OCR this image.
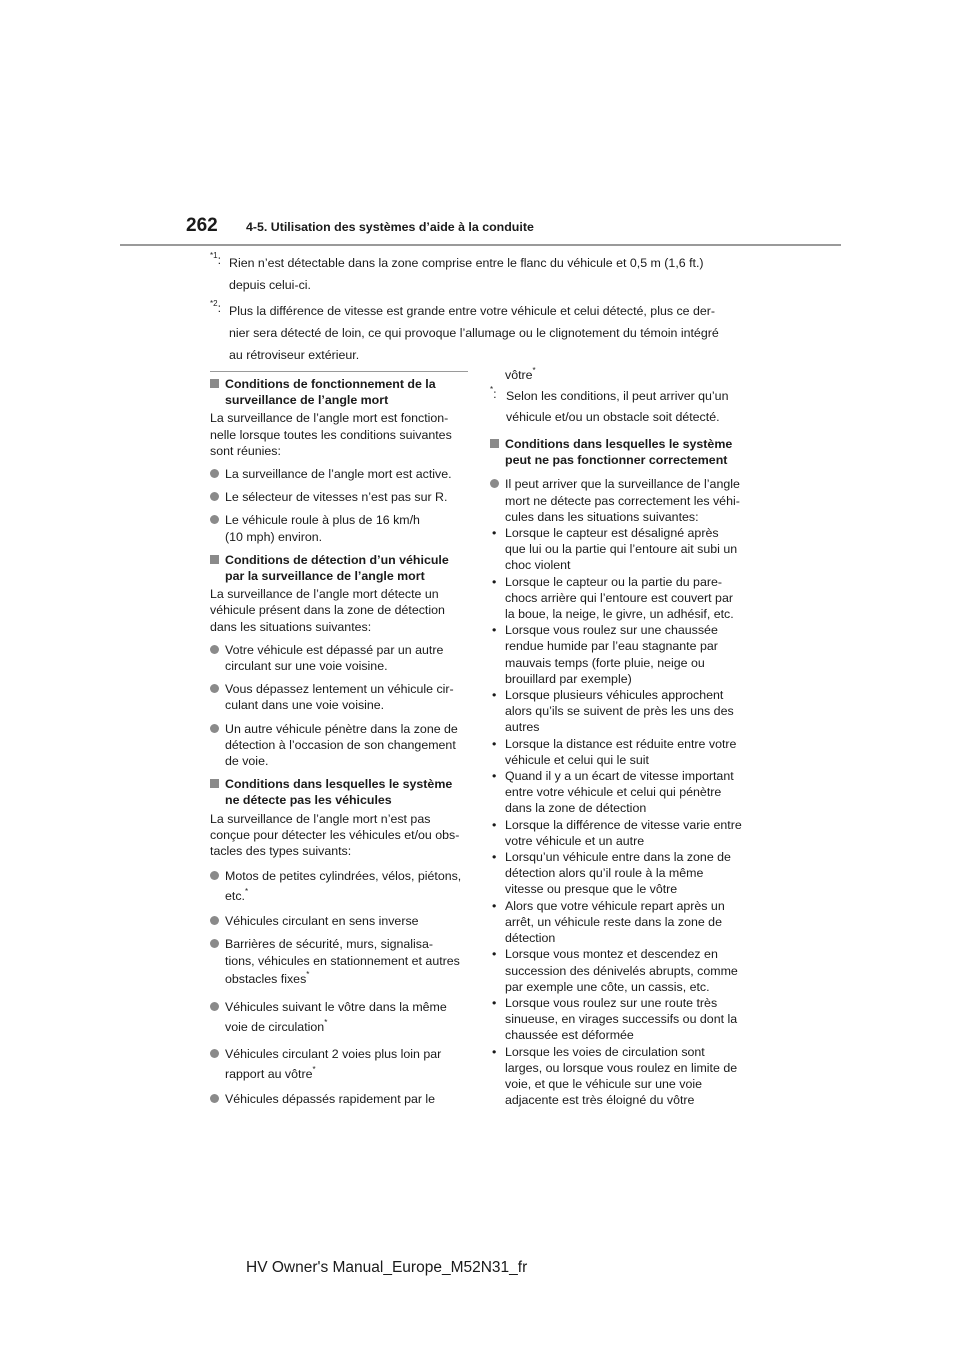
262 4-5. Utilisation des systèmes d’aide à la conduite
$^{*1}$: Rien n’est détectable dans la zone comprise entre le flanc du véhicule et 0,5 m (1,6 ft.)
depuis celui-ci.
$^{*2}$: Plus la différence de vitesse est grande entre votre véhicule et celui détecté, plus ce der-
nier sera détecté de loin, ce qui provoque l’allumage ou le clignotement du témoin intégré
au rétroviseur extérieur.
Conditions de fonctionnement de la
surveillance de l’angle mort
La surveillance de l’angle mort est fonction-
nelle lorsque toutes les conditions suivantes
sont réunies:
La surveillance de l’angle mort est active.
Le sélecteur de vitesses n’est pas sur R.
Le véhicule roule à plus de 16 km/h
(10 mph) environ.
Conditions de détection d’un véhicule
par la surveillance de l’angle mort
La surveillance de l’angle mort détecte un
véhicule présent dans la zone de détection
dans les situations suivantes:
Votre véhicule est dépassé par un autre
circulant sur une voie voisine.
Vous dépassez lentement un véhicule cir-
culant dans une voie voisine.
Un autre véhicule pénètre dans la zone de
détection à l’occasion de son changement
de voie.
Conditions dans lesquelles le système
ne détecte pas les véhicules
La surveillance de l’angle mort n’est pas
conçue pour détecter les véhicules et/ou obs-
tacles des types suivants:
Motos de petites cylindrées, vélos, piétons,
etc.*
Véhicules circulant en sens inverse
Barrières de sécurité, murs, signalisa-
tions, véhicules en stationnement et autres
obstacles fixes*
Véhicules suivant le vôtre dans la même
voie de circulation*
Véhicules circulant 2 voies plus loin par
rapport au vôtre*
Véhicules dépassés rapidement par le
vôtre*
*: Selon les conditions, il peut arriver qu’un
véhicule et/ou un obstacle soit détecté.
Conditions dans lesquelles le système
peut ne pas fonctionner correctement
Il peut arriver que la surveillance de l’angle
mort ne détecte pas correctement les véhi-
cules dans les situations suivantes:
• Lorsque le capteur est désaligné après
que lui ou la partie qui l’entoure ait subi un
choc violent
• Lorsque le capteur ou la partie du pare-
chocs arrière qui l’entoure est couvert par
la boue, la neige, le givre, un adhésif, etc.
• Lorsque vous roulez sur une chaussée
rendue humide par l’eau stagnante par
mauvais temps (forte pluie, neige ou
brouillard par exemple)
• Lorsque plusieurs véhicules approchent
alors qu’ils se suivent de près les uns des
autres
• Lorsque la distance est réduite entre votre
véhicule et celui qui le suit
• Quand il y a un écart de vitesse important
entre votre véhicule et celui qui pénètre
dans la zone de détection
• Lorsque la différence de vitesse varie entre
votre véhicule et un autre
• Lorsqu’un véhicule entre dans la zone de
détection alors qu’il roule à la même
vitesse ou presque que le vôtre
• Alors que votre véhicule repart après un
arrêt, un véhicule reste dans la zone de
détection
• Lorsque vous montez et descendez en
succession des dénivelés abrupts, comme
par exemple une côte, un cassis, etc.
• Lorsque vous roulez sur une route très
sinueuse, en virages successifs ou dont la
chaussée est déformée
• Lorsque les voies de circulation sont
larges, ou lorsque vous roulez en limite de
voie, et que le véhicule sur une voie
adjacente est très éloigné du vôtre
HV Owner's Manual_Europe_M52N31_fr
